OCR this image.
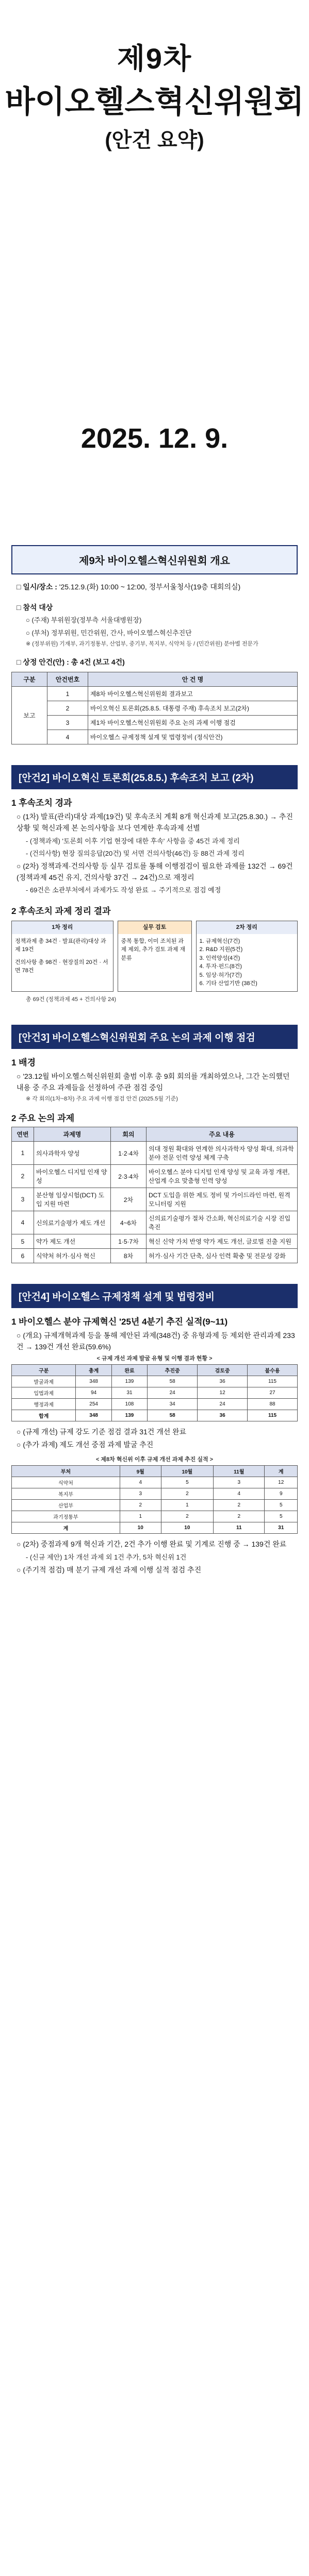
제9차
바이오헬스혁신위원회
(안건 요약)
2025. 12. 9.
제9차 바이오헬스혁신위원회 개요
□ 일시/장소 : '25.12.9.(화) 10:00 ~ 12:00, 정부서울청사(19층 대회의실)
□ 참석 대상
○ (주재) 부위원장(정부측 서울대병원장)
○ (부처) 정부위원, 민간위원, 간사, 바이오헬스혁신추진단
※ (정부위원) 기재부, 과기정통부, 산업부, 중기부, 복지부, 식약처 등 / (민간위원) 분야별 전문가
□ 상정 안건(안) : 총 4건 (보고 4건)
구분	안건번호	안 건 명
보고	1	제8차 바이오헬스혁신위원회 결과보고
	2	바이오혁신 토론회(25.8.5. 대통령 주재) 후속조치 보고(2차)
	3	제1차 바이오헬스혁신위원회 주요 논의 과제 이행 점검
	4	바이오헬스 규제정책 설계 및 법령정비 (정식안건)
[안건2] 바이오혁신 토론회(25.8.5.) 후속조치 보고 (2차)
1 후속조치 경과
○ (1차) 발표(관리)대상 과제(19건) 및 후속조치 계획 8개 혁신과제 보고(25.8.30.) → 추진상황 및 혁신과제 본 논의사항을 보다 연계한 후속과제 선별
- (정책과제) '토론회 이후 기업 현장에 대한 후속' 사항을 중 45건 과제 정리
- (건의사항) 현장 질의응답(20건) 및 서면 건의사항(46건) 등 88건 과제 정리
○ (2차) 정책과제·건의사항 등 실무 검토를 통해 이행점검이 필요한 과제를 132건 → 69건(정책과제 45건 유지, 건의사항 37건 → 24건)으로 재정리
- 69건은 소관부처에서 과제가도 작성 완료 → 주기적으로 점검 예정
2 후속조치 과제 정리 결과
1차 정리
정책과제 총 34건 · 발표(관리)대상 과제 19건
건의사항 총 98건 · 현장질의 20건 · 서면 78건
실무 검토
중복 통합, 이미 조치된 과제 제외, 추가 검토 과제 재분류
2차 정리
1. 규제혁신(7건)
2. R&D 지원(5건)
3. 인력양성(4건)
4. 투자·펀드(8건)
5. 임상·허가(7건)
6. 기타 산업기반 (38건)
총 69건 (정책과제 45 + 건의사항 24)
[안건3] 바이오헬스혁신위원회 주요 논의 과제 이행 점검
1 배경
○ '23.12월 바이오헬스혁신위원회 출범 이후 총 9회 회의를 개최하였으나, 그간 논의했던 내용 중 주요 과제들을 선정하여 주관 점검 중임
※ 각 회의(1차~8차) 주요 과제 이행 점검 안건 (2025.5월 기준)
2 주요 논의 과제
연번	과제명	회의	주요 내용
1	의사과학자 양성	1·2·4차	의대 정원 확대와 연계한 의사과학자 양성 확대, 의과학 분야 전문 인력 양성 체계 구축
2	바이오헬스 디지털 인재 양성	2·3·4차	바이오헬스 분야 디지털 인재 양성 및 교육 과정 개편, 산업계 수요 맞춤형 인력 양성
3	분산형 임상시험(DCT) 도입 지원 마련	2차	DCT 도입을 위한 제도 정비 및 가이드라인 마련, 원격 모니터링 지원
4	신의료기술평가 제도 개선	4~6차	신의료기술평가 절차 간소화, 혁신의료기술 시장 진입 촉진
5	약가 제도 개선	1·5·7차	혁신 신약 가치 반영 약가 제도 개선, 글로벌 진출 지원
6	식약처 허가·심사 혁신	8차	허가·심사 기간 단축, 심사 인력 확충 및 전문성 강화
[안건4] 바이오헬스 규제정책 설계 및 법령정비
1 바이오헬스 분야 규제혁신 '25년 4분기 추진 실적(9~11)
○ (개요) 규제개혁과제 등을 통해 제안된 과제(348건) 중 유형과제 등 제외한 관리과제 233건 → 139건 개선 완료(59.6%)
< 규제 개선 과제 발굴 유형 및 이행 결과 현황 >
구분	총계	완료	추진중	검토중	불수용
발굴과제	348	139	58	36	115
입법과제	94	31	24	12	27
행정과제	254	108	34	24	88
합계	348	139	58	36	115
○ (규제 개선) 규제 강도 기준 점검 결과 31건 개선 완료
○ (추가 과제) 제도 개선 중점 과제 발굴 추진
< 제8차 혁신위 이후 규제 개선 과제 추진 실적 >
부처	9월	10월	11월	계
식약처	4	5	3	12
복지부	3	2	4	9
산업부	2	1	2	5
과기정통부	1	2	2	5
계	10	10	11	31
○ (2차) 중점과제 9개 혁신과 기간, 2건 추가 이행 완료 및 기계로 진행 중 → 139건 완료
- (신규 제안) 1차 개선 과제 외 1건 추가, 5차 혁신위 1건
○ (주기적 점검) 매 분기 규제 개선 과제 이행 실적 점검 추진
